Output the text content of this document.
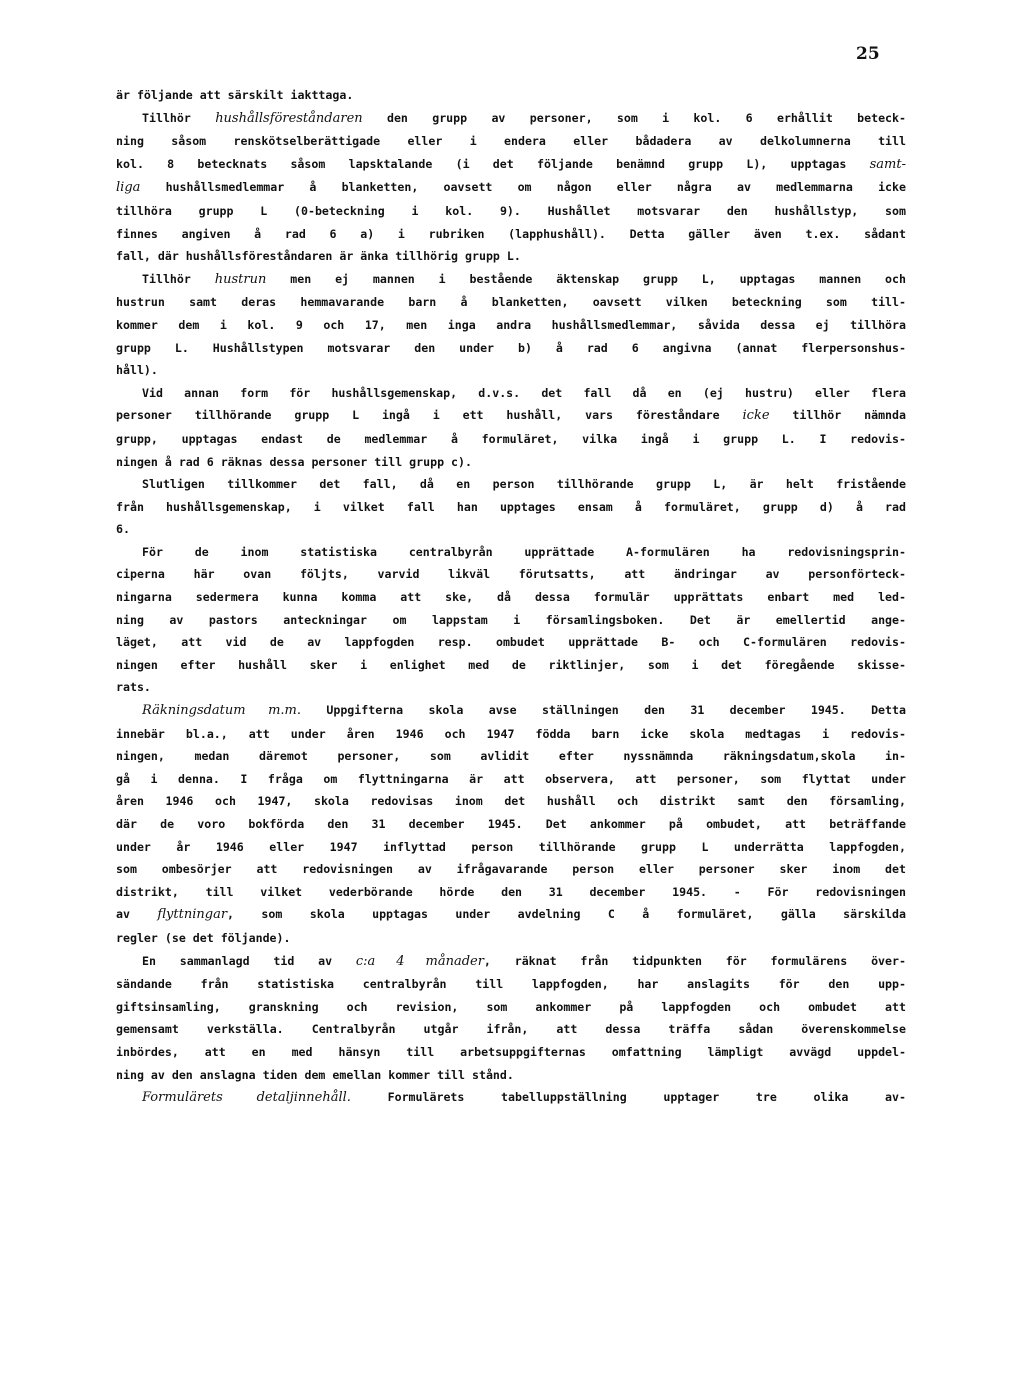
25
är följande att särskilt iakttaga.
Tillhör hushållsföreståndaren den grupp av personer, som i kol. 6 erhållit beteck-
ning såsom renskötselberättigade eller i endera eller bådadera av delkolumnerna till
kol. 8 betecknats såsom lapsktalande (i det följande benämnd grupp L), upptagas samt-
liga hushållsmedlemmar å blanketten, oavsett om någon eller några av medlemmarna icke
tillhöra grupp L (0-beteckning i kol. 9). Hushållet motsvarar den hushållstyp, som
finnes angiven å rad 6 a) i rubriken (lapphushåll). Detta gäller även t.ex. sådant
fall, där hushållsföreståndaren är änka tillhörig grupp L.
Tillhör hustrun men ej mannen i bestående äktenskap grupp L, upptagas mannen och
hustrun samt deras hemmavarande barn å blanketten, oavsett vilken beteckning som till-
kommer dem i kol. 9 och 17, men inga andra hushållsmedlemmar, såvida dessa ej tillhöra
grupp L. Hushållstypen motsvarar den under b) å rad 6 angivna (annat flerpersonshus-
håll).
Vid annan form för hushållsgemenskap, d.v.s. det fall då en (ej hustru) eller flera
personer tillhörande grupp L ingå i ett hushåll, vars föreståndare icke tillhör nämnda
grupp, upptagas endast de medlemmar å formuläret, vilka ingå i grupp L. I redovis-
ningen å rad 6 räknas dessa personer till grupp c).
Slutligen tillkommer det fall, då en person tillhörande grupp L, är helt fristående
från hushållsgemenskap, i vilket fall han upptages ensam å formuläret, grupp d) å rad
6.
För de inom statistiska centralbyrån upprättade A-formulären ha redovisningsprin-
ciperna här ovan följts, varvid likväl förutsatts, att ändringar av personförteck-
ningarna sedermera kunna komma att ske, då dessa formulär upprättats enbart med led-
ning av pastors anteckningar om lappstam i församlingsboken. Det är emellertid ange-
läget, att vid de av lappfogden resp. ombudet upprättade B- och C-formulären redovis-
ningen efter hushåll sker i enlighet med de riktlinjer, som i det föregående skisse-
rats.
Räkningsdatum m.m. Uppgifterna skola avse ställningen den 31 december 1945. Detta
innebär bl.a., att under åren 1946 och 1947 födda barn icke skola medtagas i redovis-
ningen, medan däremot personer, som avlidit efter nyssnämnda räkningsdatum,skola in-
gå i denna. I fråga om flyttningarna är att observera, att personer, som flyttat under
åren 1946 och 1947, skola redovisas inom det hushåll och distrikt samt den församling,
där de voro bokförda den 31 december 1945. Det ankommer på ombudet, att beträffande
under år 1946 eller 1947 inflyttad person tillhörande grupp L underrätta lappfogden,
som ombesörjer att redovisningen av ifrågavarande person eller personer sker inom det
distrikt, till vilket vederbörande hörde den 31 december 1945. - För redovisningen
av flyttningar, som skola upptagas under avdelning C å formuläret, gälla särskilda
regler (se det följande).
En sammanlagd tid av c:a 4 månader, räknat från tidpunkten för formulärens över-
sändande från statistiska centralbyrån till lappfogden, har anslagits för den upp-
giftsinsamling, granskning och revision, som ankommer på lappfogden och ombudet att
gemensamt verkställa. Centralbyrån utgår ifrån, att dessa träffa sådan överenskommelse
inbördes, att en med hänsyn till arbetsuppgifternas omfattning lämpligt avvägd uppdel-
ning av den anslagna tiden dem emellan kommer till stånd.
Formulärets detaljinnehåll. Formulärets tabelluppställning upptager tre olika av-
